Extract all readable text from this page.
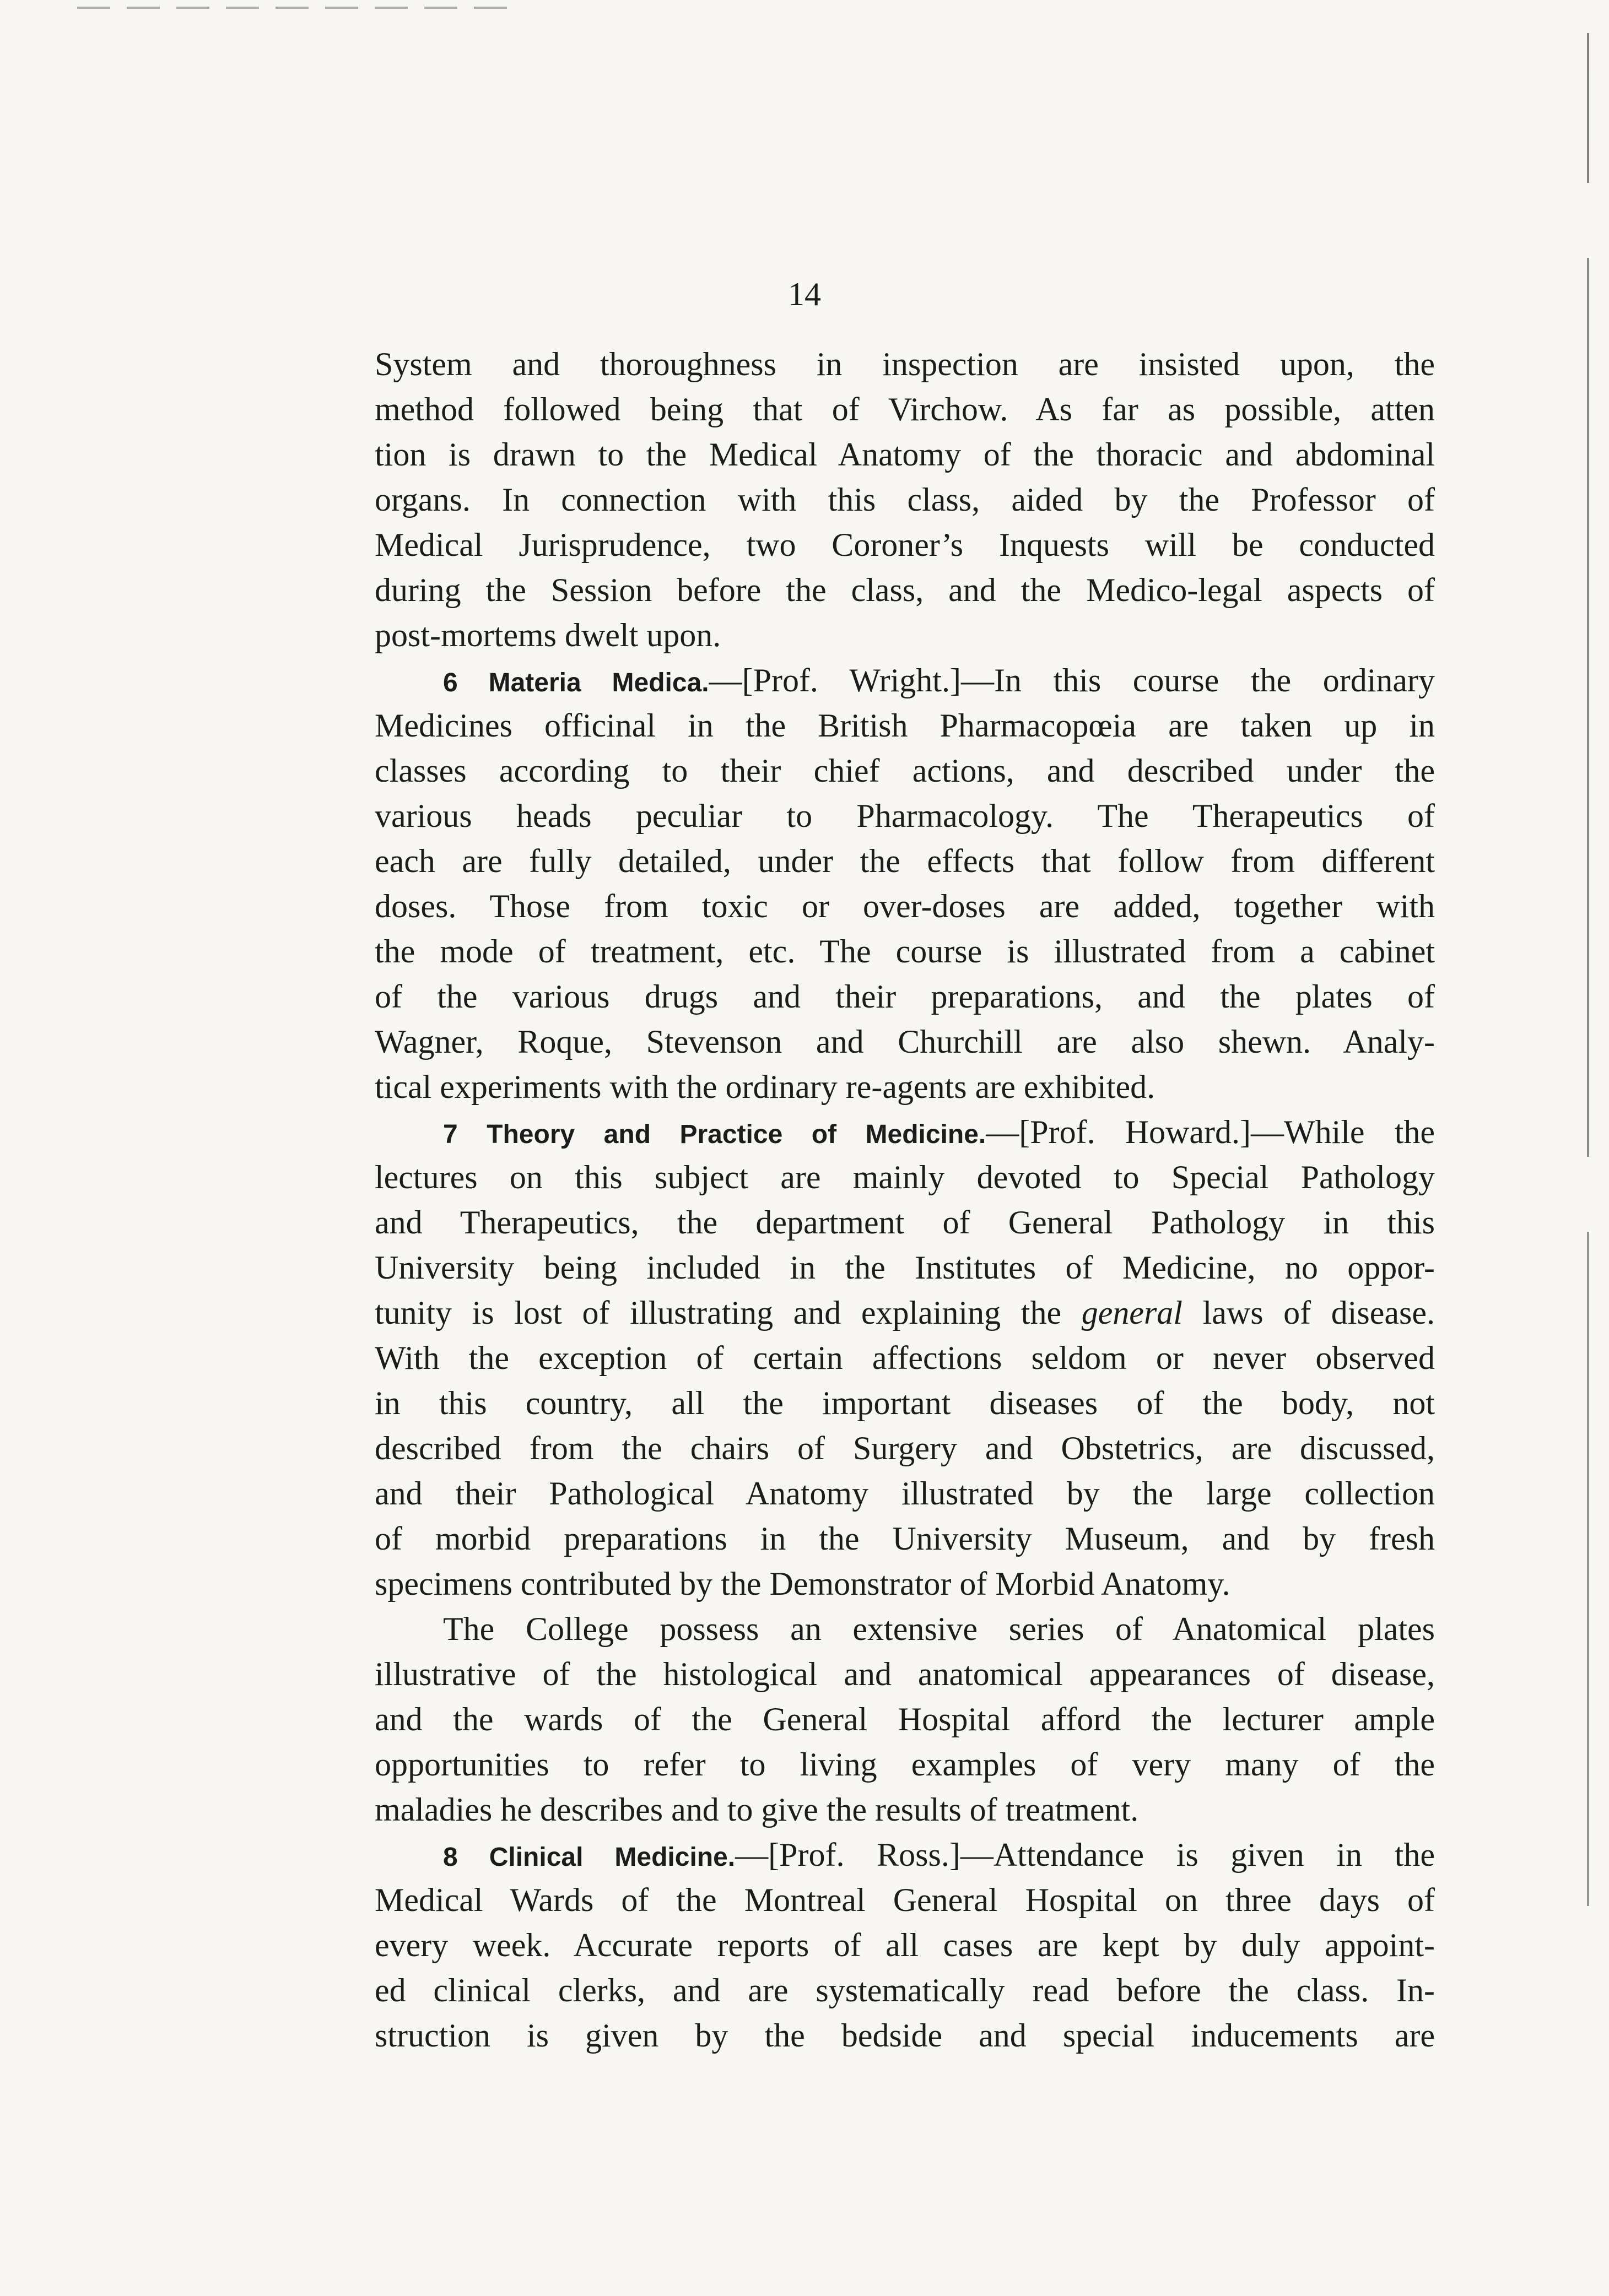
14
System and thoroughness in inspection are insisted upon, the
method followed being that of Virchow. As far as possible, atten
tion is drawn to the Medical Anatomy of the thoracic and abdominal
organs. In connection with this class, aided by the Professor of
Medical Jurisprudence, two Coroner’s Inquests will be conducted
during the Session before the class, and the Medico-legal aspects of
post-mortems dwelt upon.
6 Materia Medica.—[Prof. Wright.]—In this course the ordinary
Medicines officinal in the British Pharmacopœia are taken up in
classes according to their chief actions, and described under the
various heads peculiar to Pharmacology. The Therapeutics of
each are fully detailed, under the effects that follow from different
doses. Those from toxic or over-doses are added, together with
the mode of treatment, etc. The course is illustrated from a cabinet
of the various drugs and their preparations, and the plates of
Wagner, Roque, Stevenson and Churchill are also shewn. Analy-
tical experiments with the ordinary re-agents are exhibited.
7 Theory and Practice of Medicine.—[Prof. Howard.]—While the
lectures on this subject are mainly devoted to Special Pathology
and Therapeutics, the department of General Pathology in this
University being included in the Institutes of Medicine, no oppor-
tunity is lost of illustrating and explaining the general laws of disease.
With the exception of certain affections seldom or never observed
in this country, all the important diseases of the body, not
described from the chairs of Surgery and Obstetrics, are discussed,
and their Pathological Anatomy illustrated by the large collection
of morbid preparations in the University Museum, and by fresh
specimens contributed by the Demonstrator of Morbid Anatomy.
The College possess an extensive series of Anatomical plates
illustrative of the histological and anatomical appearances of disease,
and the wards of the General Hospital afford the lecturer ample
opportunities to refer to living examples of very many of the
maladies he describes and to give the results of treatment.
8 Clinical Medicine.—[Prof. Ross.]—Attendance is given in the
Medical Wards of the Montreal General Hospital on three days of
every week. Accurate reports of all cases are kept by duly appoint-
ed clinical clerks, and are systematically read before the class. In-
struction is given by the bedside and special inducements are
